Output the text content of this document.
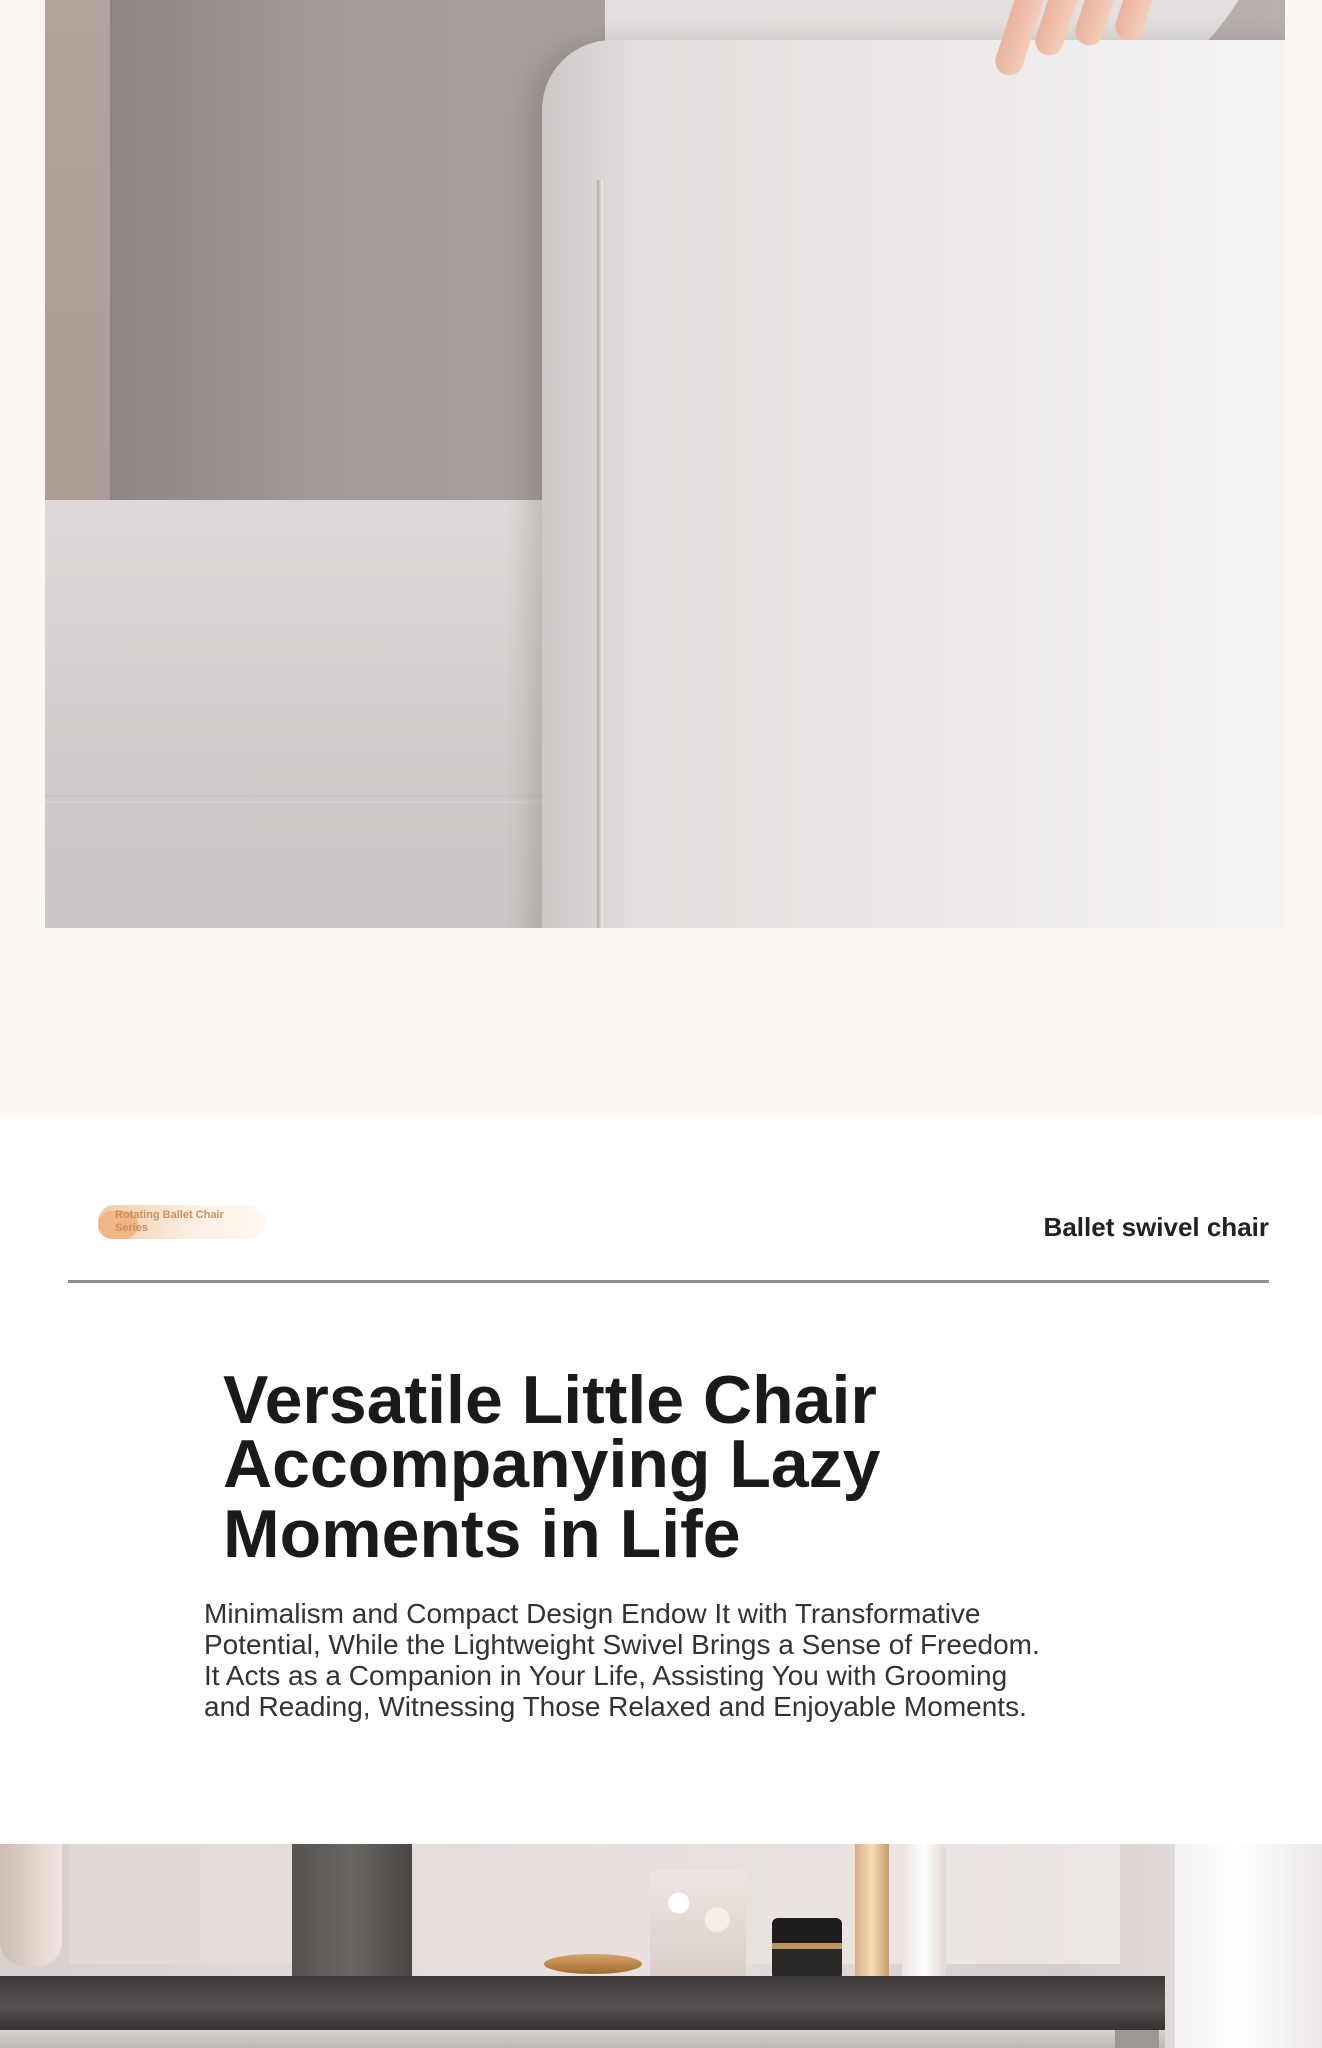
Rotating Ballet Chair Series	Ballet swivel chair
Versatile Little Chair
Accompanying Lazy
Moments in Life

Minimalism and Compact Design Endow It with Transformative
Potential, While the Lightweight Swivel Brings a Sense of Freedom.
It Acts as a Companion in Your Life, Assisting You with Grooming
and Reading, Witnessing Those Relaxed and Enjoyable Moments.
